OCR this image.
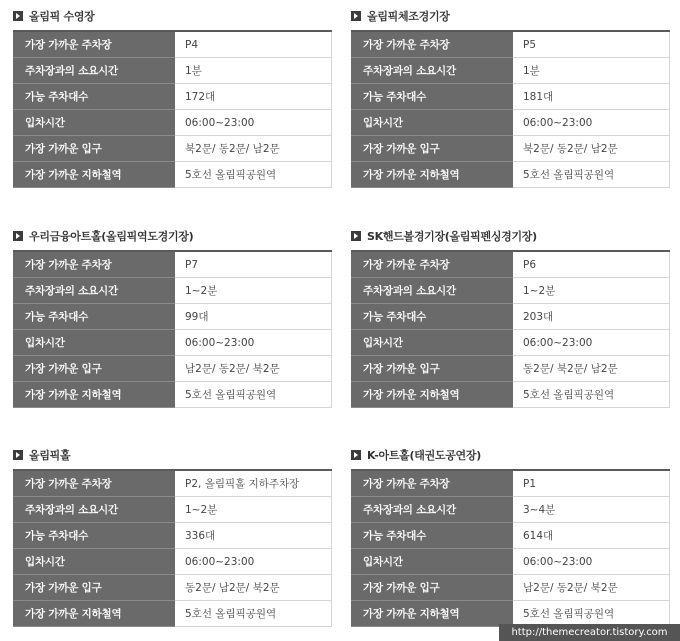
올림픽 수영장
가장 가까운 주차장	P4
주차장과의 소요시간	1분
가능 주차대수	172대
입차시간	06:00~23:00
가장 가까운 입구	북2문/ 동2문/ 남2문
가장 가까운 지하철역	5호선 올림픽공원역
올림픽체조경기장
가장 가까운 주차장	P5
주차장과의 소요시간	1분
가능 주차대수	181대
입차시간	06:00~23:00
가장 가까운 입구	북2문/ 동2문/ 남2문
가장 가까운 지하철역	5호선 올림픽공원역
우리금융아트홀(올림픽역도경기장)
가장 가까운 주차장	P7
주차장과의 소요시간	1~2분
가능 주차대수	99대
입차시간	06:00~23:00
가장 가까운 입구	남2문/ 동2문/ 북2문
가장 가까운 지하철역	5호선 올림픽공원역
SK핸드볼경기장(올림픽펜싱경기장)
가장 가까운 주차장	P6
주차장과의 소요시간	1~2분
가능 주차대수	203대
입차시간	06:00~23:00
가장 가까운 입구	동2문/ 북2문/ 남2문
가장 가까운 지하철역	5호선 올림픽공원역
올림픽홀
가장 가까운 주차장	P2, 올림픽홀 지하주차장
주차장과의 소요시간	1~2분
가능 주차대수	336대
입차시간	06:00~23:00
가장 가까운 입구	동2문/ 남2문/ 북2문
가장 가까운 지하철역	5호선 올림픽공원역
K-아트홀(태권도공연장)
가장 가까운 주차장	P1
주차장과의 소요시간	3~4분
가능 주차대수	614대
입차시간	06:00~23:00
가장 가까운 입구	남2문/ 동2문/ 북2문
가장 가까운 지하철역	5호선 올림픽공원역
http://themecreator.tistory.com
